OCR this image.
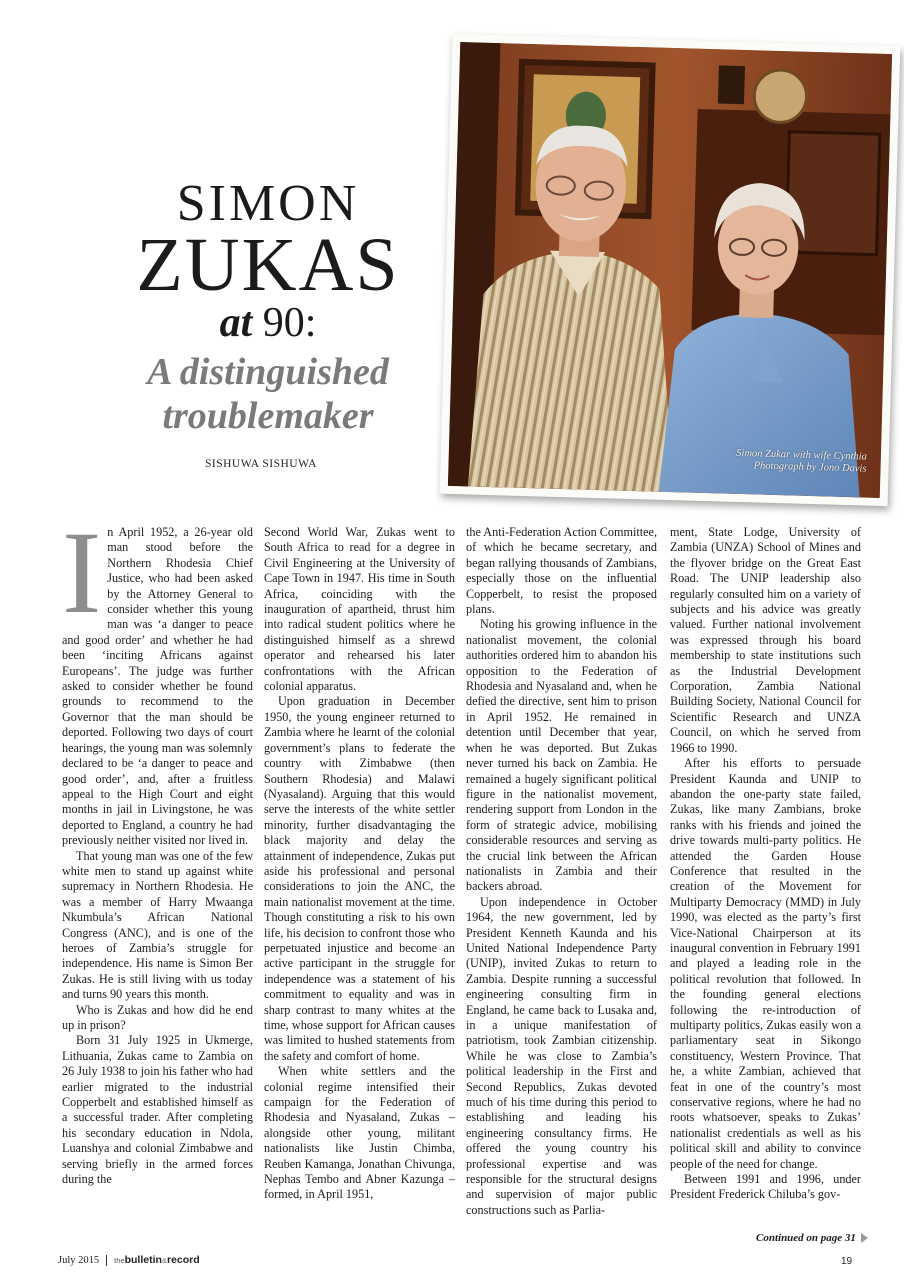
SIMON
ZUKAS
at 90:
A distinguished
troublemaker
SISHUWA SISHUWA
Simon Zukar with wife Cynthia
Photograph by Jono Davis
I n April 1952, a 26-year old man stood before the Northern Rhodesia Chief Justice, who had been asked by the Attorney General to consider whether this young man was ‘a danger to peace and good order’ and whether he had been ‘inciting Africans against Europeans’. The judge was further asked to consider whether he found grounds to recommend to the Governor that the man should be deported. Following two days of court hearings, the young man was solemnly declared to be ‘a danger to peace and good order’, and, after a fruitless appeal to the High Court and eight months in jail in Livingstone, he was deported to England, a country he had previously neither visited nor lived in.

That young man was one of the few white men to stand up against white supremacy in Northern Rhodesia. He was a member of Harry Mwaanga Nkumbula’s African National Congress (ANC), and is one of the heroes of Zambia’s struggle for independence. His name is Simon Ber Zukas. He is still living with us today and turns 90 years this month.

Who is Zukas and how did he end up in prison?

Born 31 July 1925 in Ukmerge, Lithuania, Zukas came to Zambia on 26 July 1938 to join his father who had earlier migrated to the industrial Copperbelt and established himself as a successful trader. After completing his secondary education in Ndola, Luanshya and colonial Zimbabwe and serving briefly in the armed forces during the

Second World War, Zukas went to South Africa to read for a degree in Civil Engineering at the University of Cape Town in 1947. His time in South Africa, coinciding with the inauguration of apartheid, thrust him into radical student politics where he distinguished himself as a shrewd operator and rehearsed his later confrontations with the African colonial apparatus.

Upon graduation in December 1950, the young engineer returned to Zambia where he learnt of the colonial government’s plans to federate the country with Zimbabwe (then Southern Rhodesia) and Malawi (Nyasaland). Arguing that this would serve the interests of the white settler minority, further disadvantaging the black majority and delay the attainment of independence, Zukas put aside his professional and personal considerations to join the ANC, the main nationalist movement at the time. Though constituting a risk to his own life, his decision to confront those who perpetuated injustice and become an active participant in the struggle for independence was a statement of his commitment to equality and was in sharp contrast to many whites at the time, whose support for African causes was limited to hushed statements from the safety and comfort of home.

When white settlers and the colonial regime intensified their campaign for the Federation of Rhodesia and Nyasaland, Zukas – alongside other young, militant nationalists like Justin Chimba, Reuben Kamanga, Jonathan Chivunga, Nephas Tembo and Abner Kazunga – formed, in April 1951,

the Anti-Federation Action Committee, of which he became secretary, and began rallying thousands of Zambians, especially those on the influential Copperbelt, to resist the proposed plans.

Noting his growing influence in the nationalist movement, the colonial authorities ordered him to abandon his opposition to the Federation of Rhodesia and Nyasaland and, when he defied the directive, sent him to prison in April 1952. He remained in detention until December that year, when he was deported. But Zukas never turned his back on Zambia. He remained a hugely significant political figure in the nationalist movement, rendering support from London in the form of strategic advice, mobilising considerable resources and serving as the crucial link between the African nationalists in Zambia and their backers abroad.

Upon independence in October 1964, the new government, led by President Kenneth Kaunda and his United National Independence Party (UNIP), invited Zukas to return to Zambia. Despite running a successful engineering consulting firm in England, he came back to Lusaka and, in a unique manifestation of patriotism, took Zambian citizenship. While he was close to Zambia’s political leadership in the First and Second Republics, Zukas devoted much of his time during this period to establishing and leading his engineering consultancy firms. He offered the young country his professional expertise and was responsible for the structural designs and supervision of major public constructions such as Parlia-

ment, State Lodge, University of Zambia (UNZA) School of Mines and the flyover bridge on the Great East Road. The UNIP leadership also regularly consulted him on a variety of subjects and his advice was greatly valued. Further national involvement was expressed through his board membership to state institutions such as the Industrial Development Corporation, Zambia National Building Society, National Council for Scientific Research and UNZA Council, on which he served from 1966 to 1990.

After his efforts to persuade President Kaunda and UNIP to abandon the one-party state failed, Zukas, like many Zambians, broke ranks with his friends and joined the drive towards multi-party politics. He attended the Garden House Conference that resulted in the creation of the Movement for Multiparty Democracy (MMD) in July 1990, was elected as the party’s first Vice-National Chairperson at its inaugural convention in February 1991 and played a leading role in the political revolution that followed. In the founding general elections following the re-introduction of multiparty politics, Zukas easily won a parliamentary seat in Sikongo constituency, Western Province. That he, a white Zambian, achieved that feat in one of the country’s most conservative regions, where he had no roots whatsoever, speaks to Zukas’ nationalist credentials as well as his political skill and ability to convince people of the need for change.

Between 1991 and 1996, under President Frederick Chiluba’s gov-

Continued on page 31
July 2015 thebulletin&record	19
